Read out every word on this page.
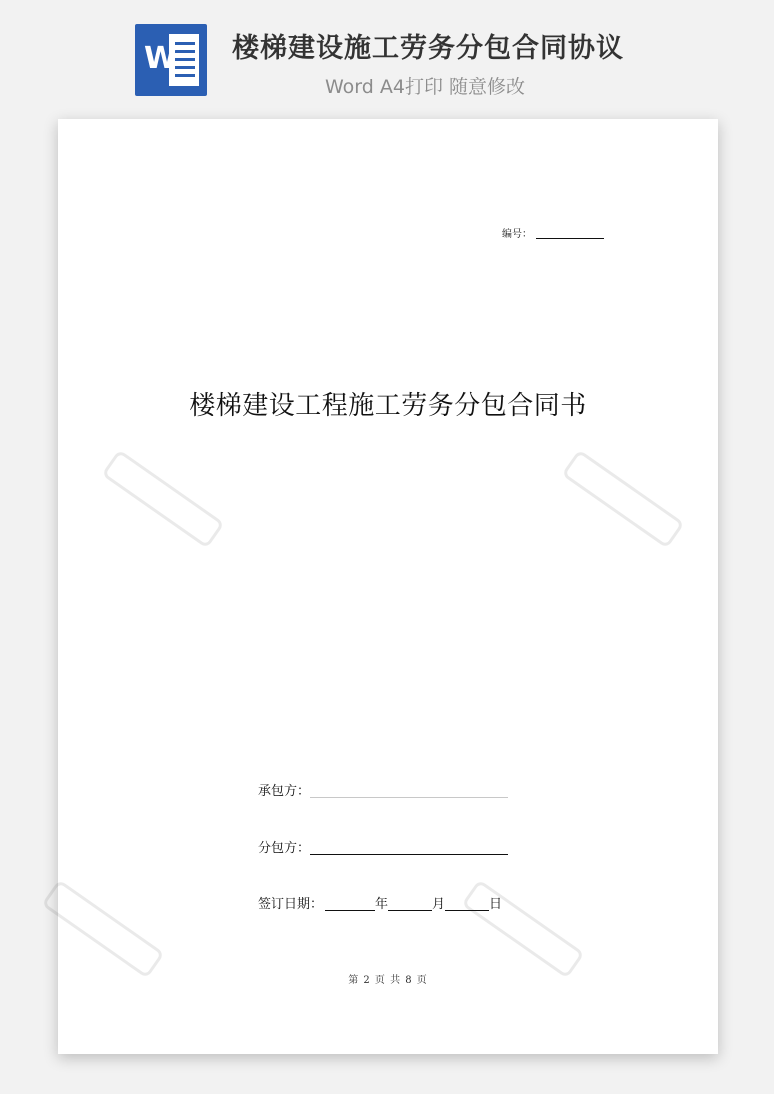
W 楼梯建设施工劳务分包合同协议
Word A4打印 随意修改
编号：
楼梯建设工程施工劳务分包合同书
承包方：
分包方：
签订日期：	年	月	日
第 2 页 共 8 页
